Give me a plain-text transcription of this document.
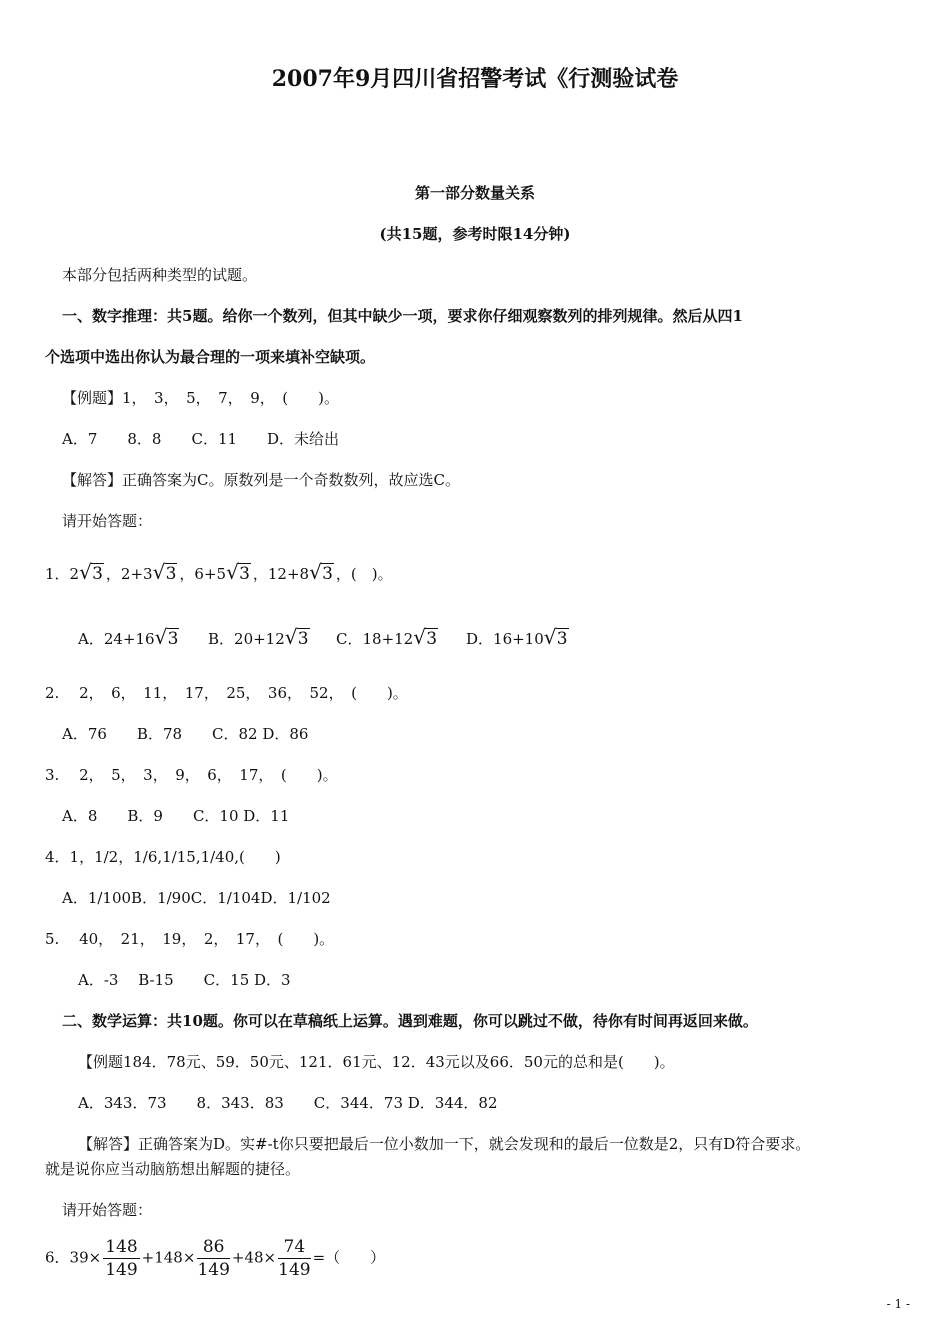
2007年9月四川省招警考试《行测验试卷
第一部分数量关系
(共15题，参考时限14分钟)
本部分包括两种类型的试题。
一、数字推理：共5题。给你一个数列，但其中缺少一项，要求你仔细观察数列的排列规律。然后从四1
个选项中选出你认为最合理的一项来填补空缺项。
【例题】1，　3，　5，　7，　9，　(　　)。
A．7　　8．8　　C．11　　D．未给出
【解答】正确答案为C。原数列是一个奇数数列，故应选C。
请开始答题：
1．2 √ 3 ，2+3 √ 3 ，6+5 √ 3 ，12+8 √ 3 ，(　)。
A．24+16 √ 3 B．20+12 √ 3 C．18+12 √ 3 D．16+10 √ 3
2.　 2，　6，　11，　17，　25，　36，　52，　(　　)。
A．76　　B．78　　C．82 D．86
3.　 2，　5，　3，　9，　6，　17，　(　　)。
A．8　　B．9　　C．10 D．11
4．1，1/2，1/6,1/15,1/40,(　　)
A．1/100B．1/90C．1/104D．1/102
5.　 40，　21，　19，　2，　17，　(　　)。
A．-3　 B-15　　C．15 D．3
二、数学运算：共10题。你可以在草稿纸上运算。遇到难题，你可以跳过不做，待你有时间再返回来做。
【例题184．78元、59．50元、121．61元、12．43元以及66．50元的总和是(　　)。
A．343．73　　8．343．83　　C．344．73 D．344．82
【解答】正确答案为D。实#-t你只要把最后一位小数加一下，就会发现和的最后一位数是2，只有D符合要求。
就是说你应当动脑筋想出解题的捷径。
请开始答题：
6．$39\times \frac{148}{149} +148\times \frac{86}{149} +48\times \frac{74}{149}$ =（　　）
- 1 -
